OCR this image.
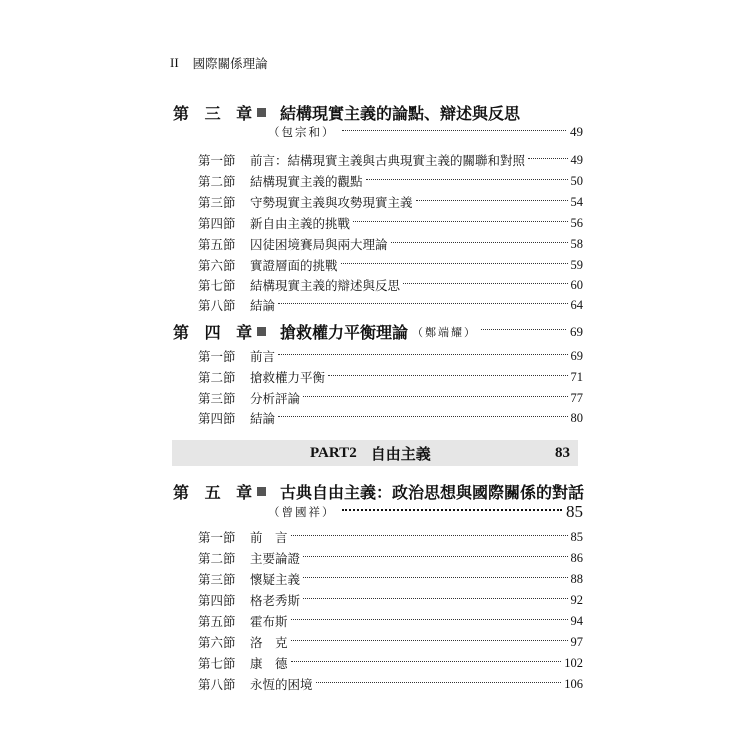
II 國際關係理論
第 三 章 結構現實主義的論點、辯述與反思
（包宗和）	49
第一節	前言：結構現實主義與古典現實主義的關聯和對照	49
第二節	結構現實主義的觀點	50
第三節	守勢現實主義與攻勢現實主義	54
第四節	新自由主義的挑戰	56
第五節	囚徒困境賽局與兩大理論	58
第六節	實證層面的挑戰	59
第七節	結構現實主義的辯述與反思	60
第八節	結論	64
第 四 章 搶救權力平衡理論 （鄭端耀）	69
第一節	前言	69
第二節	搶救權力平衡	71
第三節	分析評論	77
第四節	結論	80
PART2 自由主義	83
第 五 章 古典自由主義：政治思想與國際關係的對話
（曾國祥）	85
第一節	前　言	85
第二節	主要論證	86
第三節	懷疑主義	88
第四節	格老秀斯	92
第五節	霍布斯	94
第六節	洛　克	97
第七節	康　德	102
第八節	永恆的困境	106
